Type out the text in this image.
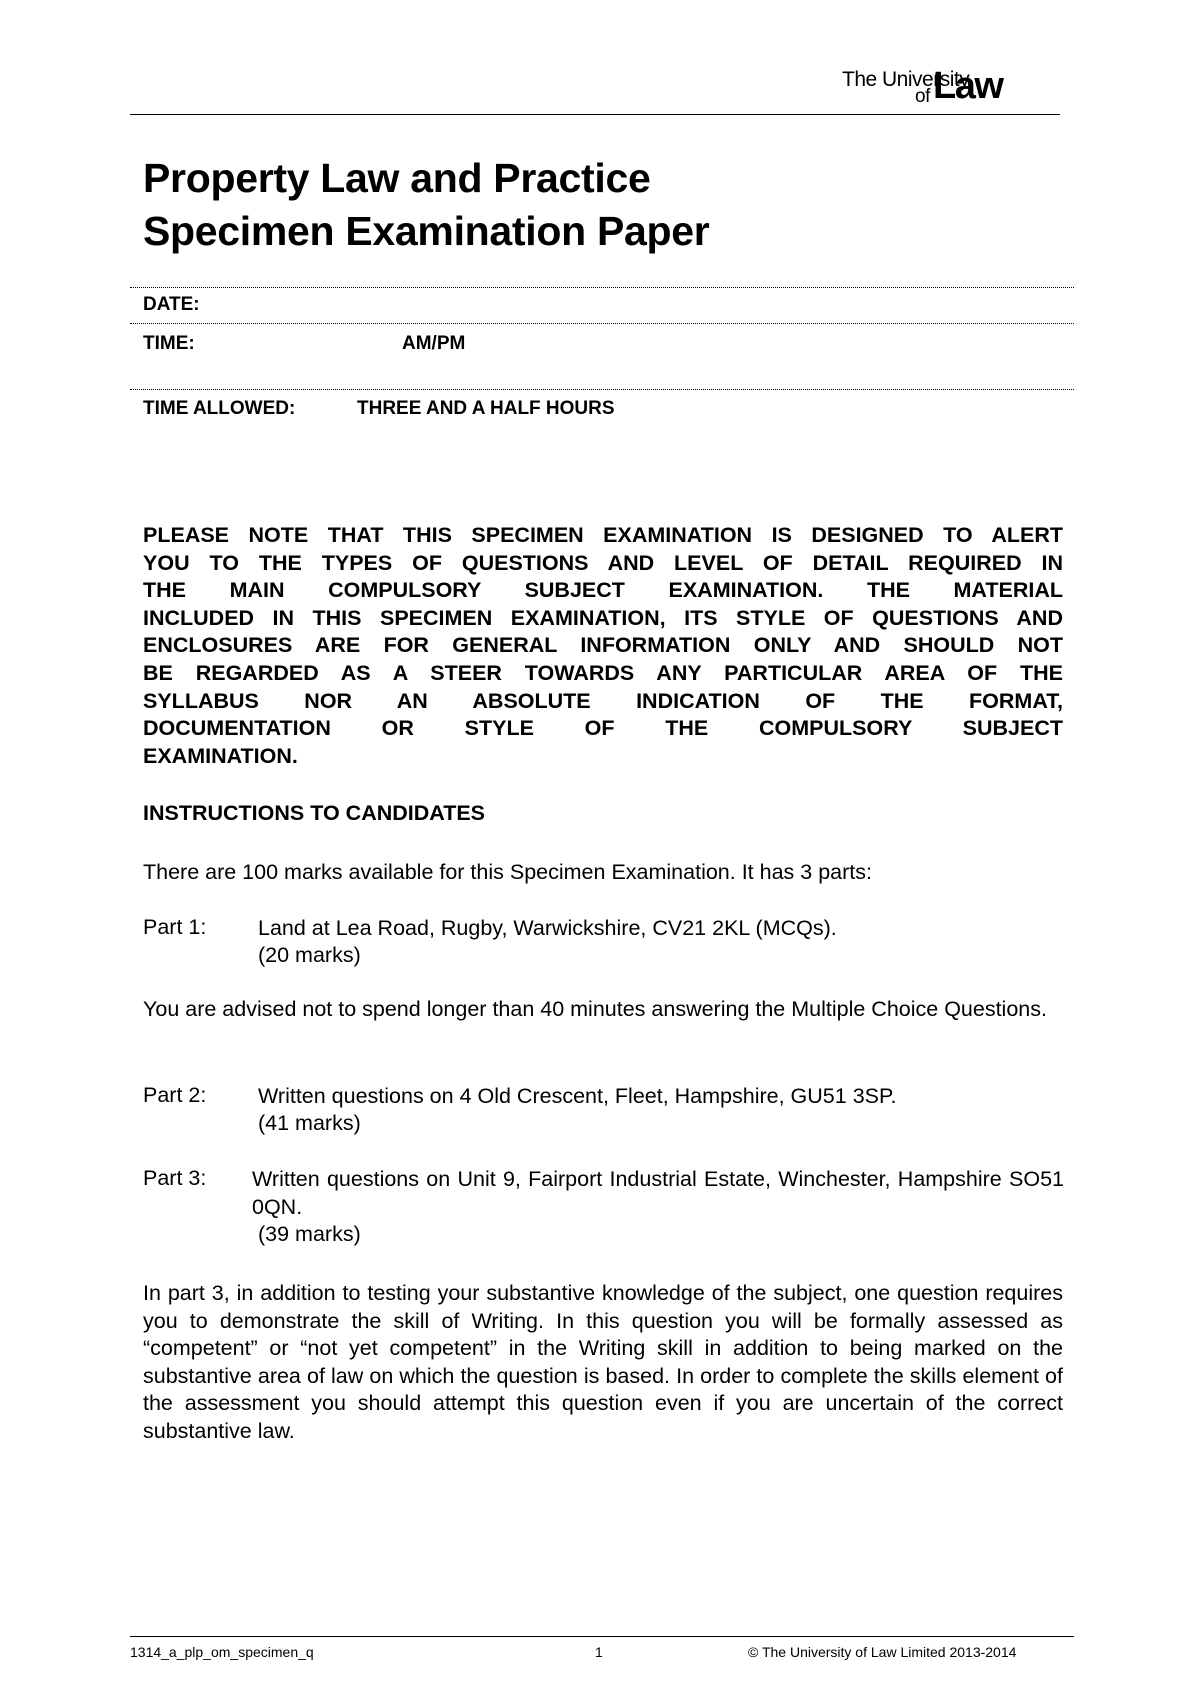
The University
of Law
Property Law and Practice
Specimen Examination Paper
DATE:
TIME:	AM/PM
TIME ALLOWED:	THREE AND A HALF HOURS
PLEASE NOTE THAT THIS SPECIMEN EXAMINATION IS DESIGNED TO ALERT
YOU TO THE TYPES OF QUESTIONS AND LEVEL OF DETAIL REQUIRED IN
THE MAIN COMPULSORY SUBJECT EXAMINATION. THE MATERIAL
INCLUDED IN THIS SPECIMEN EXAMINATION, ITS STYLE OF QUESTIONS AND
ENCLOSURES ARE FOR GENERAL INFORMATION ONLY AND SHOULD NOT
BE REGARDED AS A STEER TOWARDS ANY PARTICULAR AREA OF THE
SYLLABUS NOR AN ABSOLUTE INDICATION OF THE FORMAT,
DOCUMENTATION OR STYLE OF THE COMPULSORY SUBJECT
EXAMINATION.
INSTRUCTIONS TO CANDIDATES
There are 100 marks available for this Specimen Examination. It has 3 parts:
Part 1: Land at Lea Road, Rugby, Warwickshire, CV21 2KL (MCQs).
(20 marks)
You are advised not to spend longer than 40 minutes answering the Multiple Choice Questions.
Part 2: Written questions on 4 Old Crescent, Fleet, Hampshire, GU51 3SP.
(41 marks)
Part 3: Written questions on Unit 9, Fairport Industrial Estate, Winchester, Hampshire SO51 0QN.
(39 marks)
In part 3, in addition to testing your substantive knowledge of the subject, one question requires you to demonstrate the skill of Writing. In this question you will be formally assessed as “competent” or “not yet competent” in the Writing skill in addition to being marked on the substantive area of law on which the question is based. In order to complete the skills element of the assessment you should attempt this question even if you are uncertain of the correct substantive law.
1314_a_plp_om_specimen_q	1	© The University of Law Limited 2013-2014
